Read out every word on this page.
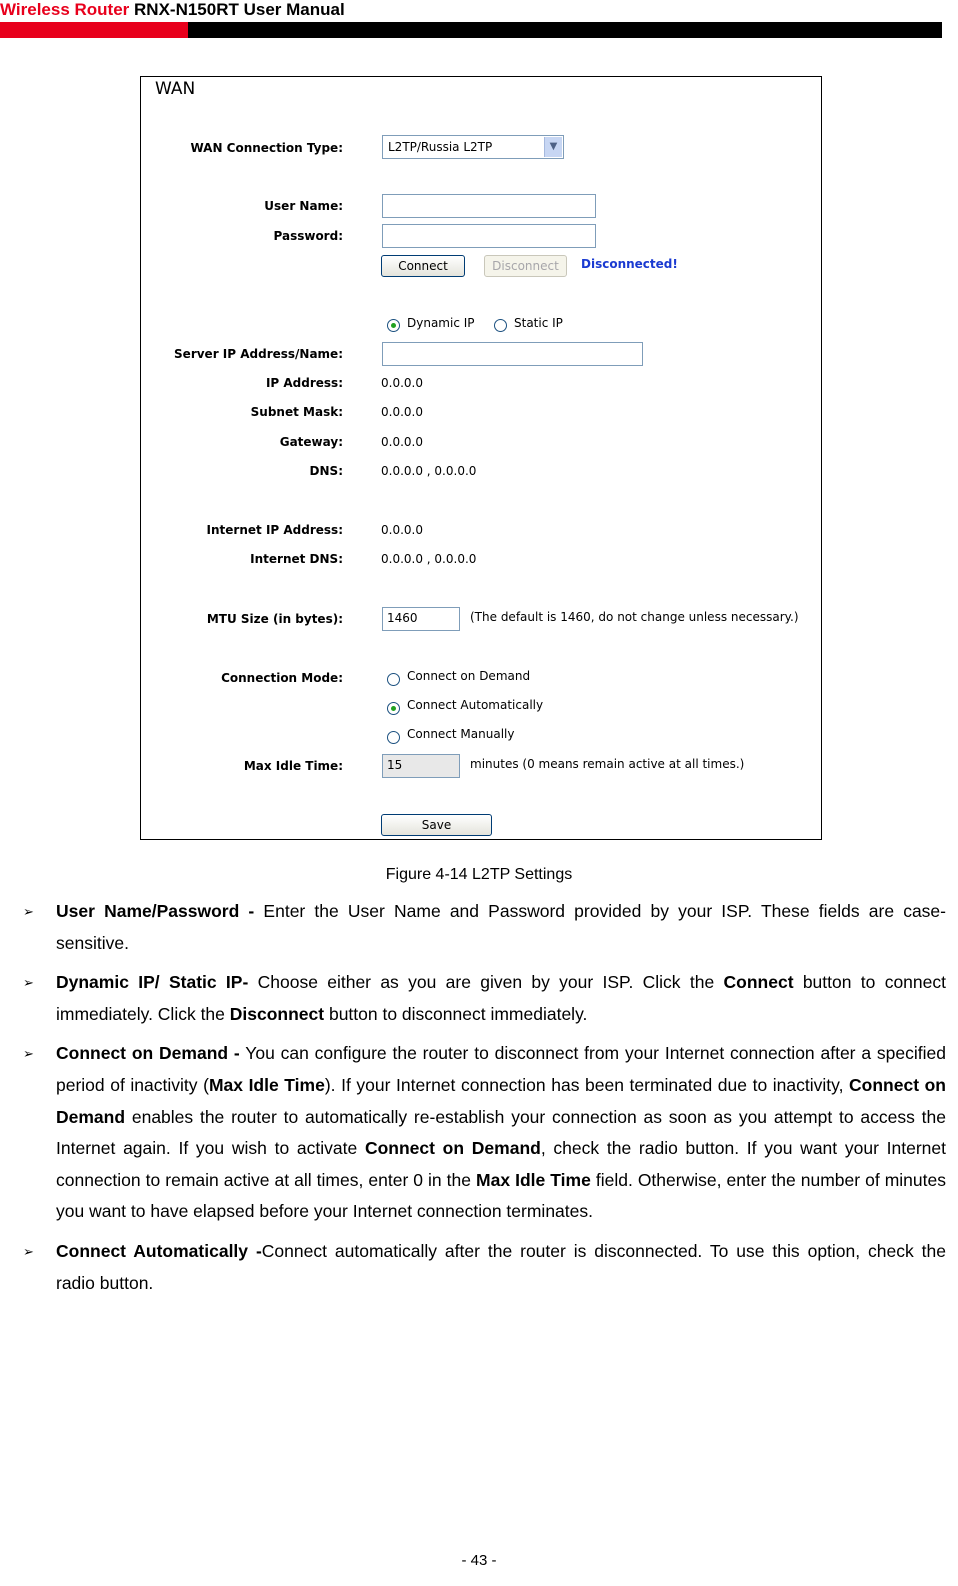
Wireless Router RNX-N150RT User Manual
WAN
WAN Connection Type:	L2TP/Russia L2TP	▼
User Name:
Password:
Connect	Disconnect	Disconnected!
Dynamic IP	Static IP
Server IP Address/Name:
IP Address:	0.0.0.0
Subnet Mask:	0.0.0.0
Gateway:	0.0.0.0
DNS:	0.0.0.0 , 0.0.0.0
Internet IP Address:	0.0.0.0
Internet DNS:	0.0.0.0 , 0.0.0.0
MTU Size (in bytes):	1460	(The default is 1460, do not change unless necessary.)
Connection Mode:	Connect on Demand
Connect Automatically
Connect Manually
Max Idle Time:	15	minutes (0 means remain active at all times.)
Save
Figure 4-14 L2TP Settings
➢ User Name/Password - Enter the User Name and Password provided by your ISP. These fields are case-sensitive.
➢ Dynamic IP/ Static IP- Choose either as you are given by your ISP. Click the Connect button to connect immediately. Click the Disconnect button to disconnect immediately.
➢ Connect on Demand - You can configure the router to disconnect from your Internet connection after a specified period of inactivity (Max Idle Time). If your Internet connection has been terminated due to inactivity, Connect on Demand enables the router to automatically re-establish your connection as soon as you attempt to access the Internet again. If you wish to activate Connect on Demand, check the radio button. If you want your Internet connection to remain active at all times, enter 0 in the Max Idle Time field. Otherwise, enter the number of minutes you want to have elapsed before your Internet connection terminates.
➢ Connect Automatically -Connect automatically after the router is disconnected. To use this option, check the radio button.
- 43 -
